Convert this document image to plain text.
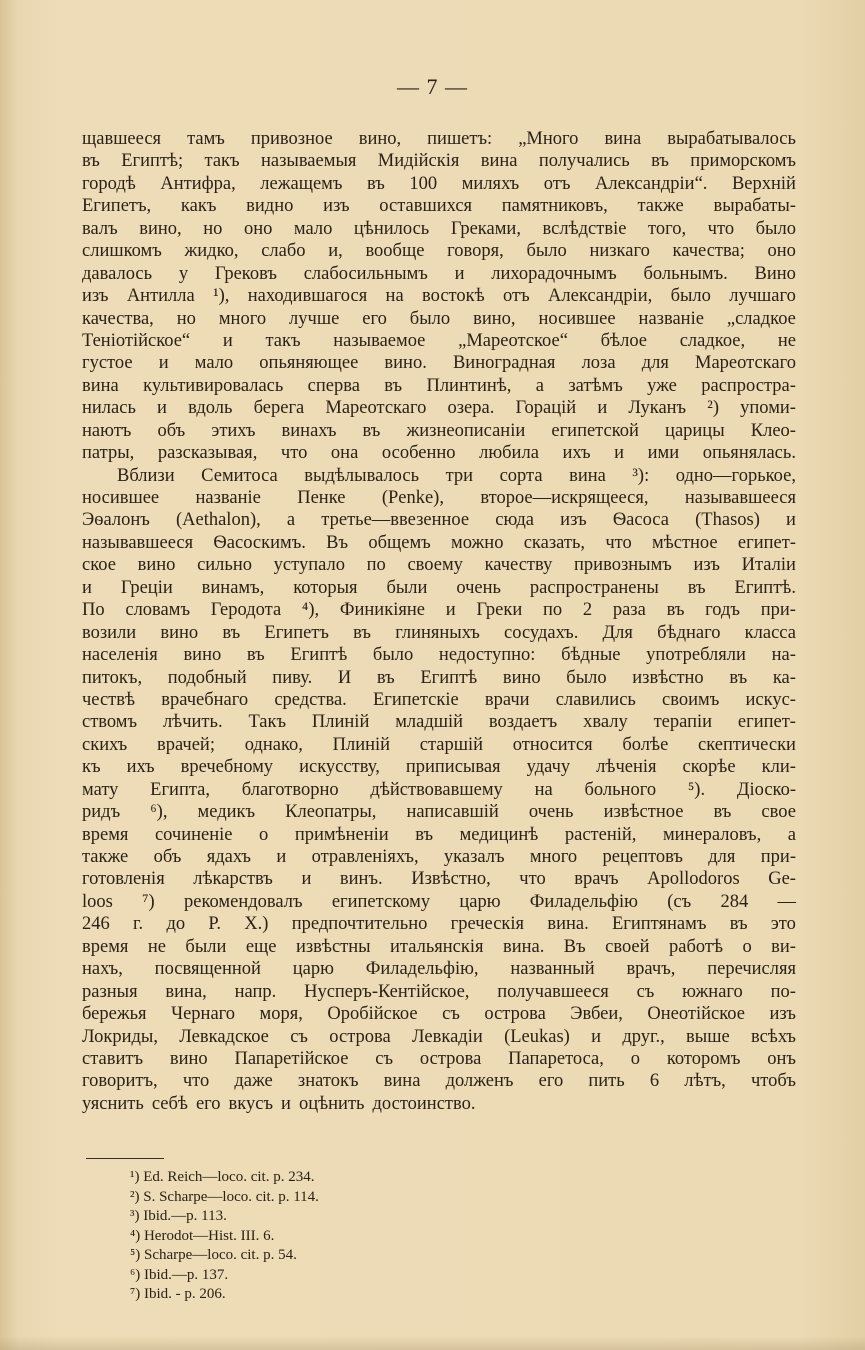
— 7 —
щавшееся тамъ привозное вино, пишетъ: „Много вина вырабатывалось
въ Египтѣ; такъ называемыя Мидійскія вина получались въ приморскомъ
городѣ Антифра, лежащемъ въ 100 миляхъ отъ Александріи“. Верхній
Египетъ, какъ видно изъ оставшихся памятниковъ, также вырабаты-
валъ вино, но оно мало цѣнилось Греками, вслѣдствіе того, что было
слишкомъ жидко, слабо и, вообще говоря, было низкаго качества; оно
давалось у Грековъ слабосильнымъ и лихорадочнымъ больнымъ. Вино
изъ Антилла ¹), находившагося на востокѣ отъ Александріи, было лучшаго
качества, но много лучше его было вино, носившее названіе „сладкое
Теніотійское“ и такъ называемое „Мареотское“ бѣлое сладкое, не
густое и мало опьяняющее вино. Виноградная лоза для Мареотскаго
вина культивировалась сперва въ Плинтинѣ, а затѣмъ уже распростра-
нилась и вдоль берега Мареотскаго озера. Горацій и Луканъ ²) упоми-
наютъ объ этихъ винахъ въ жизнеописаніи египетской царицы Клео-
патры, разсказывая, что она особенно любила ихъ и ими опьянялась.
Вблизи Семитоса выдѣлывалось три сорта вина ³): одно—горькое,
носившее названіе Пенке (Penke), второе—искрящееся, называвшееся
Эѳалонъ (Aethalon), а третье—ввезенное сюда изъ Ѳасоса (Thasos) и
называвшееся Ѳасоскимъ. Въ общемъ можно сказать, что мѣстное египет-
ское вино сильно уступало по своему качеству привознымъ изъ Италіи
и Греціи винамъ, которыя были очень распространены въ Египтѣ.
По словамъ Геродота ⁴), Финикіяне и Греки по 2 раза въ годъ при-
возили вино въ Египетъ въ глиняныхъ сосудахъ. Для бѣднаго класса
населенія вино въ Египтѣ было недоступно: бѣдные употребляли на-
питокъ, подобный пиву. И въ Египтѣ вино было извѣстно въ ка-
чествѣ врачебнаго средства. Египетскіе врачи славились своимъ искус-
ствомъ лѣчить. Такъ Плиній младшій воздаетъ хвалу терапіи египет-
скихъ врачей; однако, Плиній старшій относится болѣе скептически
къ ихъ вречебному искусству, приписывая удачу лѣченія скорѣе кли-
мату Египта, благотворно дѣйствовавшему на больного ⁵). Діоско-
ридъ ⁶), медикъ Клеопатры, написавшій очень извѣстное въ свое
время сочиненіе о примѣненіи въ медицинѣ растеній, минераловъ, а
также объ ядахъ и отравленіяхъ, указалъ много рецептовъ для при-
готовленія лѣкарствъ и винъ. Извѣстно, что врачъ Apollodoros Ge-
loos ⁷) рекомендовалъ египетскому царю Филадельфію (съ 284 —
246 г. до Р. Х.) предпочтительно греческія вина. Египтянамъ въ это
время не были еще извѣстны итальянскія вина. Въ своей работѣ о ви-
нахъ, посвященной царю Филадельфію, названный врачъ, перечисляя
разныя вина, напр. Нусперъ-Кентійское, получавшееся съ южнаго по-
бережья Чернаго моря, Оробійское съ острова Эвбеи, Онеотійское изъ
Локриды, Левкадское съ острова Левкадіи (Leukas) и друг., выше всѣхъ
ставитъ вино Папаретійское съ острова Папаретоса, о которомъ онъ
говоритъ, что даже знатокъ вина долженъ его пить 6 лѣтъ, чтобъ
уяснить себѣ его вкусъ и оцѣнить достоинство.
¹) Ed. Reich—loco. cit. p. 234.
²) S. Scharpe—loco. cit. p. 114.
³) Ibid.—p. 113.
⁴) Herodot—Hist. III. 6.
⁵) Scharpe—loco. cit. p. 54.
⁶) Ibid.—p. 137.
⁷) Ibid. - p. 206.
